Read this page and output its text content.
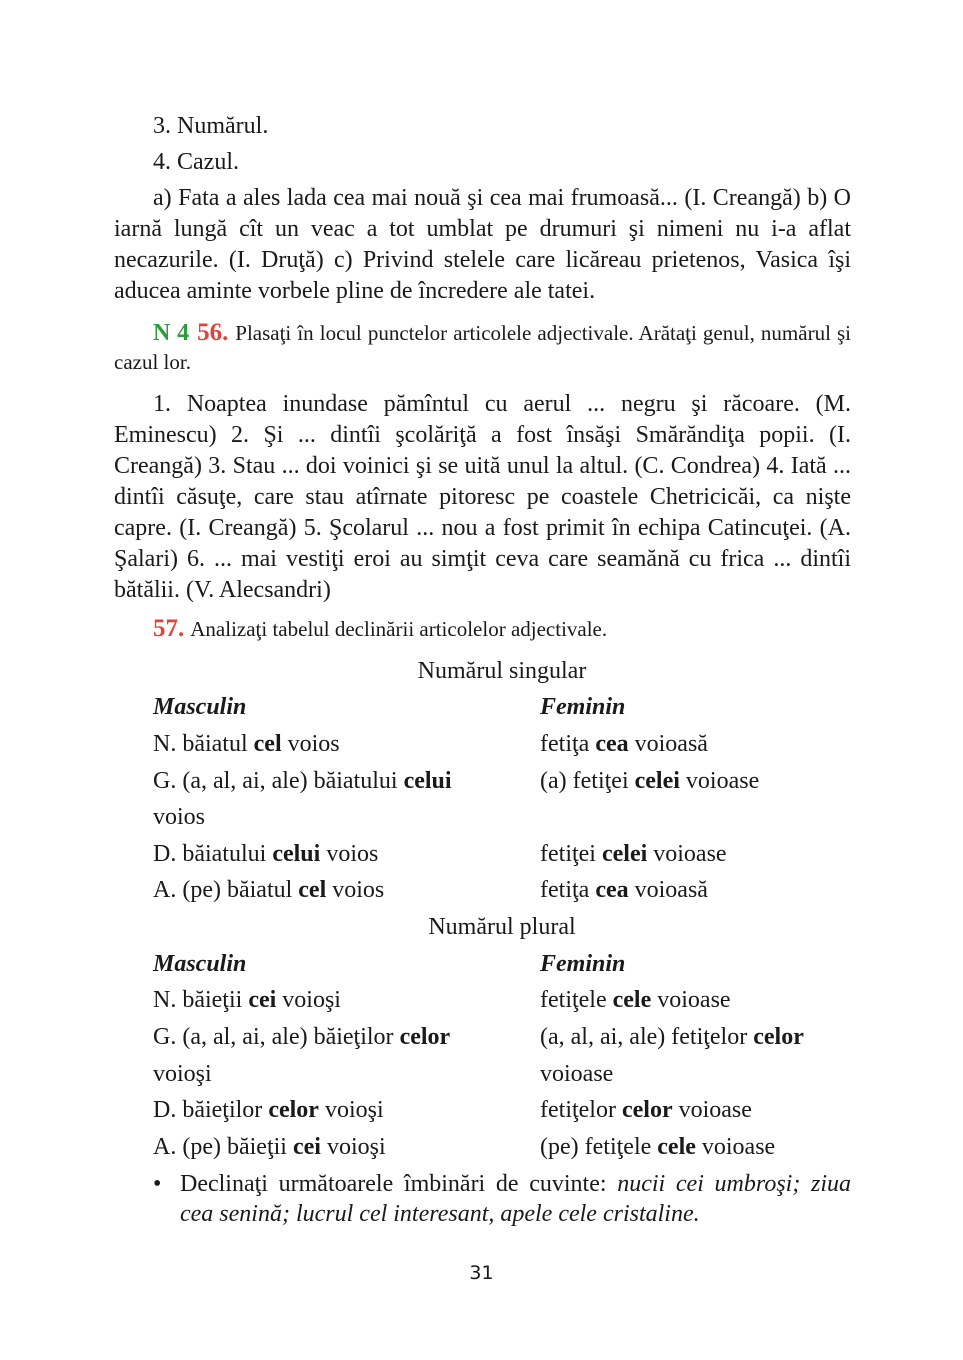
3. Numărul.
4. Cazul.
a) Fata a ales lada cea mai nouă şi cea mai frumoasă... (I. Creangă) b) O iarnă lungă cît un veac a tot umblat pe drumuri şi nimeni nu i-a aflat necazurile. (I. Druţă) c) Privind stelele care licăreau prietenos, Vasica îşi aducea aminte vorbele pline de încredere ale tatei.
N 4 56. Plasaţi în locul punctelor articolele adjectivale. Arătaţi genul, numărul şi cazul lor.
1. Noaptea inundase pămîntul cu aerul ... negru şi răcoare. (M. Eminescu) 2. Şi ... dintîi şcolăriţă a fost însăşi Smărăndiţa popii. (I. Creangă) 3. Stau ... doi voinici şi se uită unul la altul. (C. Condrea) 4. Iată ... dintîi căsuţe, care stau atîrnate pitoresc pe coastele Chetricicăi, ca nişte capre. (I. Creangă) 5. Şcolarul ... nou a fost primit în echipa Catincuţei. (A. Şalari) 6. ... mai vestiţi eroi au simţit ceva care seamănă cu frica ... dintîi bătălii. (V. Alecsandri)
57. Analizaţi tabelul declinării articolelor adjectivale.
Numărul singular
Masculin	Feminin
N. băiatul cel voios	fetiţa cea voioasă
G. (a, al, ai, ale) băiatului celui	(a) fetiţei celei voioase
voios
D. băiatului celui voios	fetiţei celei voioase
A. (pe) băiatul cel voios	fetiţa cea voioasă
Numărul plural
Masculin	Feminin
N. băieţii cei voioşi	fetiţele cele voioase
G. (a, al, ai, ale) băieţilor celor	(a, al, ai, ale) fetiţelor celor
voioşi	voioase
D. băieţilor celor voioşi	fetiţelor celor voioase
A. (pe) băieţii cei voioşi	(pe) fetiţele cele voioase
• Declinaţi următoarele îmbinări de cuvinte: nucii cei umbroşi; ziua cea senină; lucrul cel interesant, apele cele cristaline.
31
